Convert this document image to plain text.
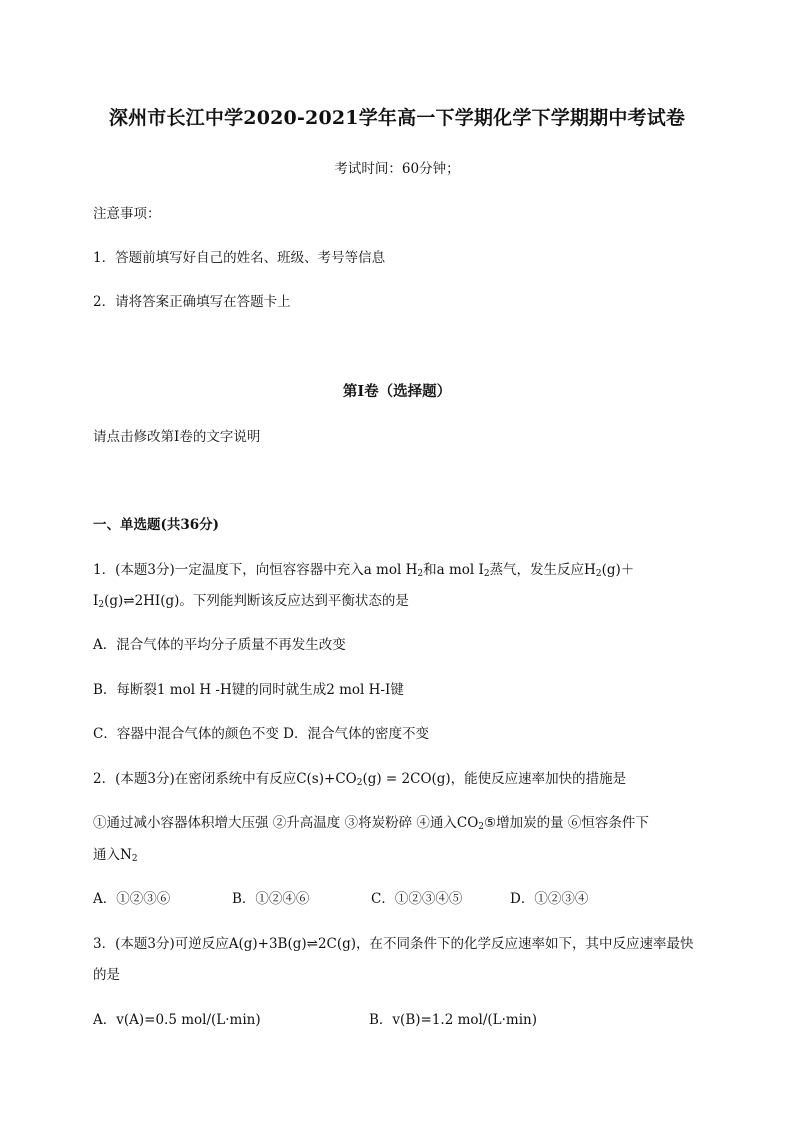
深州市长江中学2020-2021学年高一下学期化学下学期期中考试卷
考试时间：60分钟；
注意事项：
1．答题前填写好自己的姓名、班级、考号等信息
2．请将答案正确填写在答题卡上
第I卷（选择题）
请点击修改第I卷的文字说明
一、单选题(共36分)
1．(本题3分)一定温度下，向恒容容器中充入a mol $H_2$和a mol $I_2$蒸气，发生反应$H_2(g)+$
$I_2(g)\rightleftharpoons 2HI(g)$。下列能判断该反应达到平衡状态的是
A．混合气体的平均分子质量不再发生改变
B．每断裂1 mol H -H键的同时就生成2 mol H-I键
C．容器中混合气体的颜色不变 D．混合气体的密度不变
2．(本题3分)在密闭系统中有反应$C(s)+CO_2(g) = 2CO(g)$，能使反应速率加快的措施是
①通过减小容器体积增大压强 ②升高温度 ③将炭粉碎 ④通入$CO_2⑤$增加炭的量 ⑥恒容条件下
通入$N_2$
A．①②③⑥	B．①②④⑥	C．①②③④⑤	D．①②③④
3．(本题3分)可逆反应A(g)+3B(g)⇌2C(g)，在不同条件下的化学反应速率如下，其中反应速率最快
的是
A．v(A)=0.5 mol/(L·min)	B．v(B)=1.2 mol/(L·min)
